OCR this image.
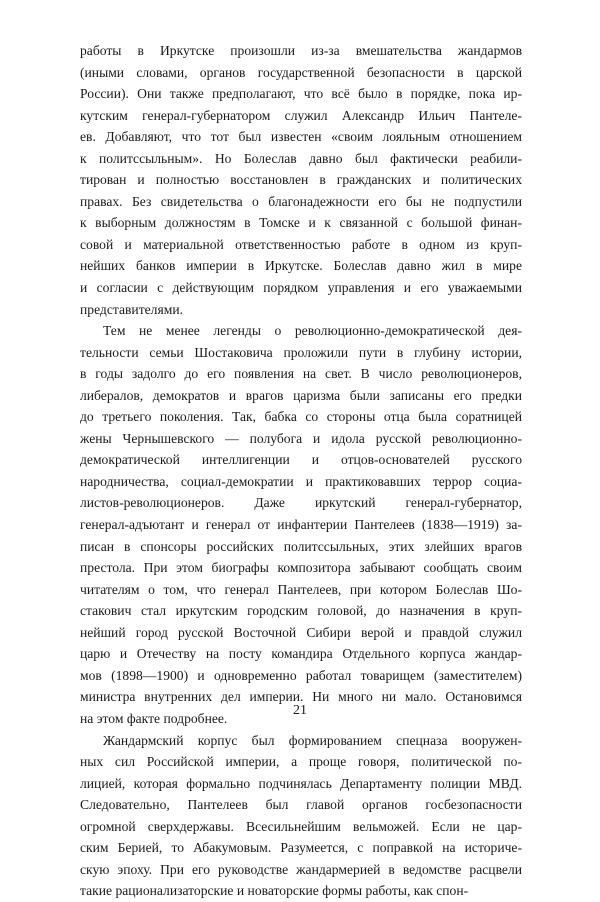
работы в Иркутске произошли из-за вмешательства жандармов
(иными словами, органов государственной безопасности в царской
России). Они также предполагают, что всё было в порядке, пока ир-
кутским генерал-губернатором служил Александр Ильич Пантеле-
ев. Добавляют, что тот был известен «своим лояльным отношением
к политссыльным». Но Болеслав давно был фактически реабили-
тирован и полностью восстановлен в гражданских и политических
правах. Без свидетельства о благонадежности его бы не подпустили
к выборным должностям в Томске и к связанной с большой финан-
совой и материальной ответственностью работе в одном из круп-
нейших банков империи в Иркутске. Болеслав давно жил в мире
и согласии с действующим порядком управления и его уважаемыми
представителями.
Тем не менее легенды о революционно-демократической дея-
тельности семьи Шостаковича проложили пути в глубину истории,
в годы задолго до его появления на свет. В число революционеров,
либералов, демократов и врагов царизма были записаны его предки
до третьего поколения. Так, бабка со стороны отца была соратницей
жены Чернышевского — полубога и идола русской революционно-
демократической интеллигенции и отцов-основателей русского
народничества, социал-демократии и практиковавших террор социа-
листов-революционеров. Даже иркутский генерал-губернатор,
генерал-адъютант и генерал от инфантерии Пантелеев (1838—1919) за-
писан в спонсоры российских политссыльных, этих злейших врагов
престола. При этом биографы композитора забывают сообщать своим
читателям о том, что генерал Пантелеев, при котором Болеслав Шо-
стакович стал иркутским городским головой, до назначения в круп-
нейший город русской Восточной Сибири верой и правдой служил
царю и Отечеству на посту командира Отдельного корпуса жандар-
мов (1898—1900) и одновременно работал товарищем (заместителем)
министра внутренних дел империи. Ни много ни мало. Остановимся
на этом факте подробнее.
Жандармский корпус был формированием спецназа вооружен-
ных сил Российской империи, а проще говоря, политической по-
лицией, которая формально подчинялась Департаменту полиции МВД.
Следовательно, Пантелеев был главой органов госбезопасности
огромной сверхдержавы. Всесильнейшим вельможей. Если не цар-
ским Берией, то Абакумовым. Разумеется, с поправкой на историче-
скую эпоху. При его руководстве жандармерией в ведомстве расцвели
такие рационализаторские и новаторские формы работы, как спон-
21
